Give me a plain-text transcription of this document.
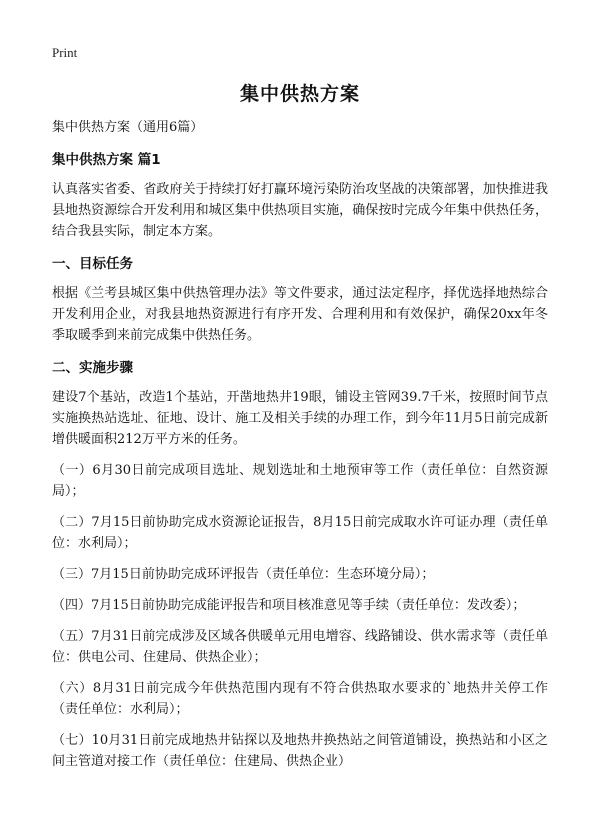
Print

集中供热方案

集中供热方案（通用6篇）

集中供热方案 篇1

认真落实省委、省政府关于持续打好打赢环境污染防治攻坚战的决策部署，加快推进我县地热资源综合开发利用和城区集中供热项目实施，确保按时完成今年集中供热任务，结合我县实际，制定本方案。

一、目标任务

根据《兰考县城区集中供热管理办法》等文件要求，通过法定程序，择优选择地热综合开发利用企业，对我县地热资源进行有序开发、合理利用和有效保护，确保20xx年冬季取暖季到来前完成集中供热任务。

二、实施步骤

建设7个基站，改造1个基站，开凿地热井19眼，铺设主管网39.7千米，按照时间节点实施换热站选址、征地、设计、施工及相关手续的办理工作，到今年11月5日前完成新增供暖面积212万平方米的任务。

（一）6月30日前完成项目选址、规划选址和土地预审等工作（责任单位：自然资源局）；

（二）7月15日前协助完成水资源论证报告，8月15日前完成取水许可证办理（责任单位：水利局）；

（三）7月15日前协助完成环评报告（责任单位：生态环境分局）；

（四）7月15日前协助完成能评报告和项目核准意见等手续（责任单位：发改委）；

（五）7月31日前完成涉及区域各供暖单元用电增容、线路铺设、供水需求等（责任单位：供电公司、住建局、供热企业）；

（六）8月31日前完成今年供热范围内现有不符合供热取水要求的`地热井关停工作（责任单位：水利局）；

（七）10月31日前完成地热井钻探以及地热井换热站之间管道铺设，换热站和小区之间主管道对接工作（责任单位：住建局、供热企业）
